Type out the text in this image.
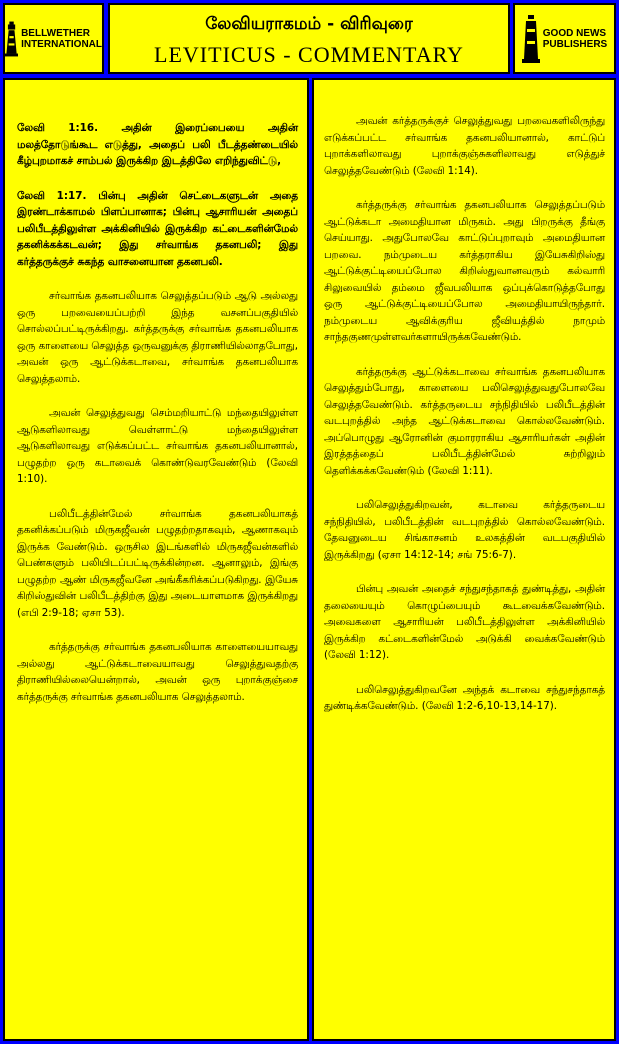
BELLWETHER
INTERNATIONAL
லேவியராகமம் - விரிவுரை
LEVITICUS - COMMENTARY
GOOD NEWS
PUBLISHERS

லேவி 1:16. அதின் இரைப்பையை அதின் மலத்தோடுங்கூட எடுத்து, அதைப் பலி பீடத்தண்டையில் கீழ்புறமாகச் சாம்பல் இருக்கிற இடத்திலே எறிந்துவிட்டு,

லேவி 1:17. பின்பு அதின் செட்டைகளுடன் அதை இரண்டாக்காமல் பிளப்பானாக; பின்பு ஆசாரியன் அதைப் பலிபீடத்திலுள்ள அக்கினியில் இருக்கிற கட்டைகளின்மேல் தகனிக்கக்கடவன்; இது சர்வாங்க தகனபலி; இது கர்த்தருக்குச் சுகந்த வாசனையான தகனபலி.

சர்வாங்க தகனபலியாக செலுத்தப்படும் ஆடு அல்லது ஒரு பறவையைப்பற்றி இந்த வசனப்பகுதியில் சொல்லப்பட்டிருக்கிறது. கர்த்தருக்கு சர்வாங்க தகனபலியாக ஒரு காளையை செலுத்த ஒருவனுக்கு திராணியில்லாதபோது, அவன் ஒரு ஆட்டுக்கடாவை, சர்வாங்க தகனபலியாக செலுத்தலாம்.

அவன் செலுத்துவது செம்மறியாட்டு மந்தையிலுள்ள ஆடுகளிலாவது வெள்ளாட்டு மந்தையிலுள்ள ஆடுகளிலாவது எடுக்கப்பட்ட சர்வாங்க தகனபலியானால், பழுதற்ற ஒரு கடாவைக் கொண்டுவரவேண்டும் (லேவி 1:10).

பலிபீடத்தின்மேல் சர்வாங்க தகனபலியாகத் தகனிக்கப்படும் மிருகஜீவன் பழுதற்றதாகவும், ஆணாகவும் இருக்க வேண்டும். ஒருசில இடங்களில் மிருகஜீவன்களில் பெண்களும் பலியிடப்பட்டிருக்கின்றன. ஆனாலும், இங்கு பழுதற்ற ஆண் மிருகஜீவனே அங்கீகரிக்கப்படுகிறது. இயேசு கிறிஸ்துவின் பலிபீடத்திற்கு இது அடையாளமாக இருக்கிறது (எபி 2:9-18; ஏசா 53).

கர்த்தருக்கு சர்வாங்க தகனபலியாக காளையையாவது அல்லது ஆட்டுக்கடாவையாவது செலுத்துவதற்கு திராணியில்லையென்றால், அவன் ஒரு புறாக்குஞ்சை கர்த்தருக்கு சர்வாங்க தகனபலியாக செலுத்தலாம்.

அவன் கர்த்தருக்குச் செலுத்துவது பறவைகளிலிருந்து எடுக்கப்பட்ட சர்வாங்க தகனபலியானால், காட்டுப் புறாக்களிலாவது புறாக்குஞ்சுகளிலாவது எடுத்துச் செலுத்தவேண்டும் (லேவி 1:14).

கர்த்தருக்கு சர்வாங்க தகனபலியாக செலுத்தப்படும் ஆட்டுக்கடா அமைதியான மிருகம். அது பிறருக்கு தீங்கு செய்யாது. அதுபோலவே காட்டுப்புறாவும் அமைதியான பறவை. நம்முடைய கர்த்தராகிய இயேசுகிறிஸ்து ஆட்டுக்குட்டியைப்போல கிறிஸ்துவானவரும் கல்வாரி சிலுவையில் தம்மை ஜீவபலியாக ஒப்புக்கொடுத்தபோது ஒரு ஆட்டுக்குட்டியைப்போல அமைதியாயிருந்தார். நம்முடைய ஆவிக்குரிய ஜீவியத்தில் நாமும் சாந்தகுணமுள்ளவர்களாயிருக்கவேண்டும்.

கர்த்தருக்கு ஆட்டுக்கடாவை சர்வாங்க தகனபலியாக செலுத்தும்போது, காளையை பலிசெலுத்துவதுபோலவே செலுத்தவேண்டும். கர்த்தருடைய சந்நிதியில் பலிபீடத்தின் வடபுறத்தில் அந்த ஆட்டுக்கடாவை கொல்லவேண்டும். அப்பொழுது ஆரோனின் குமாரராகிய ஆசாரியர்கள் அதின் இரத்தத்தைப் பலிபீடத்தின்மேல் சுற்றிலும் தெளிக்கக்கவேண்டும் (லேவி 1:11).

பலிசெலுத்துகிறவன், கடாவை கர்த்தருடைய சந்நிதியில், பலிபீடத்தின் வடபுறத்தில் கொல்லவேண்டும். தேவனுடைய சிங்காசனம் உலகத்தின் வடபகுதியில் இருக்கிறது (ஏசா 14:12-14; சங் 75:6-7).

பின்பு அவன் அதைச் சந்துசந்தாகத் துண்டித்து, அதின் தலையையும் கொழுப்பையும் கூடவைக்கவேண்டும். அவைகளை ஆசாரியன் பலிபீடத்திலுள்ள அக்கினியில் இருக்கிற கட்டைகளின்மேல் அடுக்கி வைக்கவேண்டும் (லேவி 1:12).

பலிசெலுத்துகிறவனே அந்தக் கடாவை சந்துசந்தாகத் துண்டிக்கவேண்டும். (லேவி 1:2-6,10-13,14-17).
